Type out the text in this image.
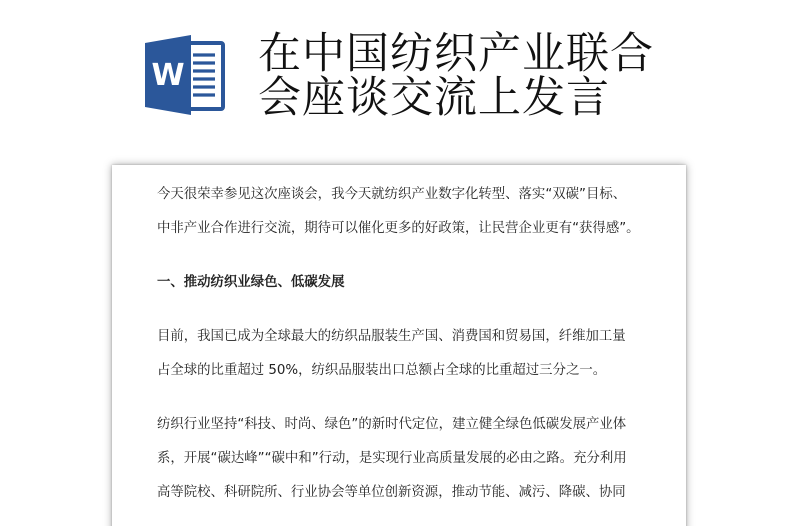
W 在中国纺织产业联合
会座谈交流上发言

今天很荣幸参见这次座谈会，我今天就纺织产业数字化转型、落实“双碳”目标、
中非产业合作进行交流，期待可以催化更多的好政策，让民营企业更有“获得感”。

一、推动纺织业绿色、低碳发展

目前，我国已成为全球最大的纺织品服装生产国、消费国和贸易国，纤维加工量
占全球的比重超过 50%，纺织品服装出口总额占全球的比重超过三分之一。

纺织行业坚持“科技、时尚、绿色”的新时代定位，建立健全绿色低碳发展产业体
系，开展“碳达峰”“碳中和”行动，是实现行业高质量发展的必由之路。充分利用
高等院校、科研院所、行业协会等单位创新资源，推动节能、减污、降碳、协同
